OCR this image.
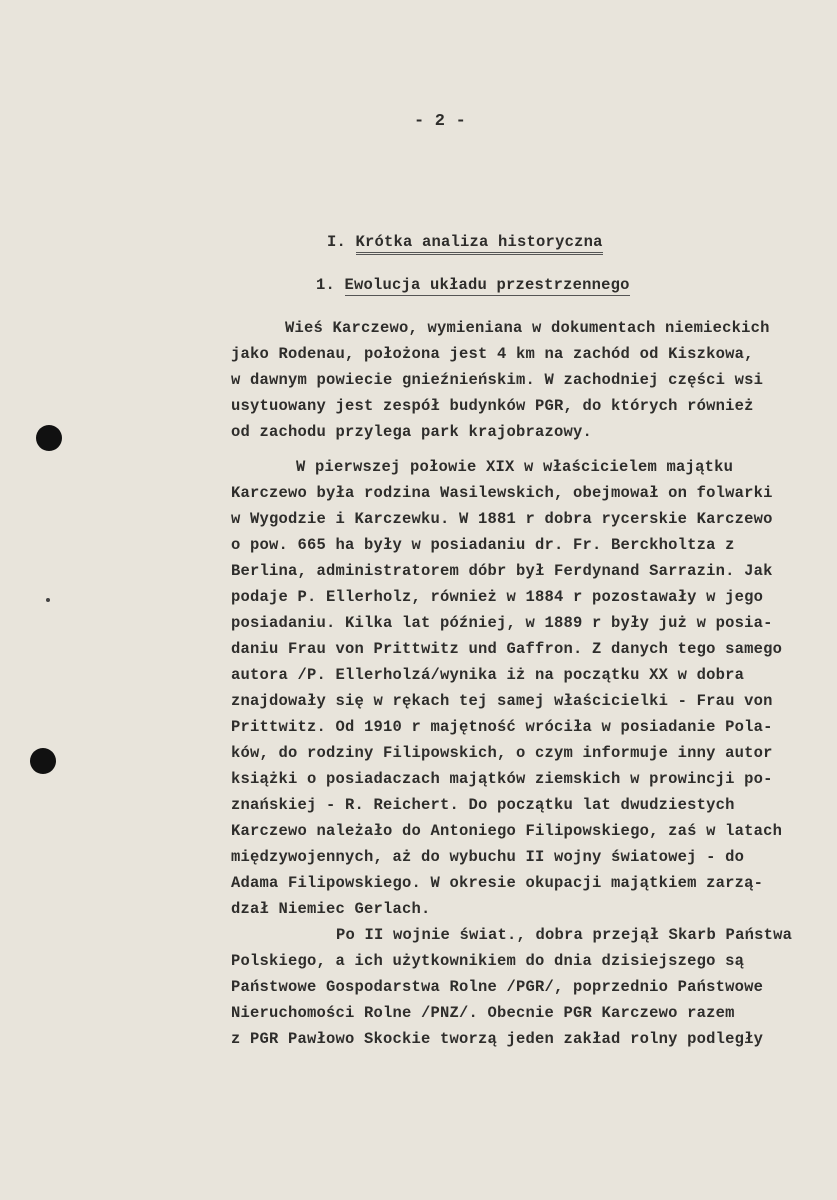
- 2 -
I. Krótka analiza historyczna
1. Ewolucja układu przestrzennego
Wieś Karczewo, wymieniana w dokumentach niemieckich
jako Rodenau, położona jest 4 km na zachód od Kiszkowa,
w dawnym powiecie gnieźnieńskim. W zachodniej części wsi
usytuowany jest zespół budynków PGR, do których również
od zachodu przylega park krajobrazowy.
W pierwszej połowie XIX w właścicielem majątku
Karczewo była rodzina Wasilewskich, obejmował on folwarki
w Wygodzie i Karczewku. W 1881 r dobra rycerskie Karczewo
o pow. 665 ha były w posiadaniu dr. Fr. Berckholtza z
Berlina, administratorem dóbr był Ferdynand Sarrazin. Jak
podaje P. Ellerholz, również w 1884 r pozostawały w jego
posiadaniu. Kilka lat później, w 1889 r były już w posia-
daniu Frau von Prittwitz und Gaffron. Z danych tego samego
autora /P. Ellerholzá/wynika iż na początku XX w dobra
znajdowały się w rękach tej samej właścicielki - Frau von
Prittwitz. Od 1910 r majętność wróciła w posiadanie Pola-
ków, do rodziny Filipowskich, o czym informuje inny autor
książki o posiadaczach majątków ziemskich w prowincji po-
znańskiej - R. Reichert. Do początku lat dwudziestych
Karczewo należało do Antoniego Filipowskiego, zaś w latach
międzywojennych, aż do wybuchu II wojny światowej - do
Adama Filipowskiego. W okresie okupacji majątkiem zarzą-
dzał Niemiec Gerlach.
Po II wojnie świat., dobra przejął Skarb Państwa
Polskiego, a ich użytkownikiem do dnia dzisiejszego są
Państwowe Gospodarstwa Rolne /PGR/, poprzednio Państwowe
Nieruchomości Rolne /PNZ/. Obecnie PGR Karczewo razem
z PGR Pawłowo Skockie tworzą jeden zakład rolny podległy
